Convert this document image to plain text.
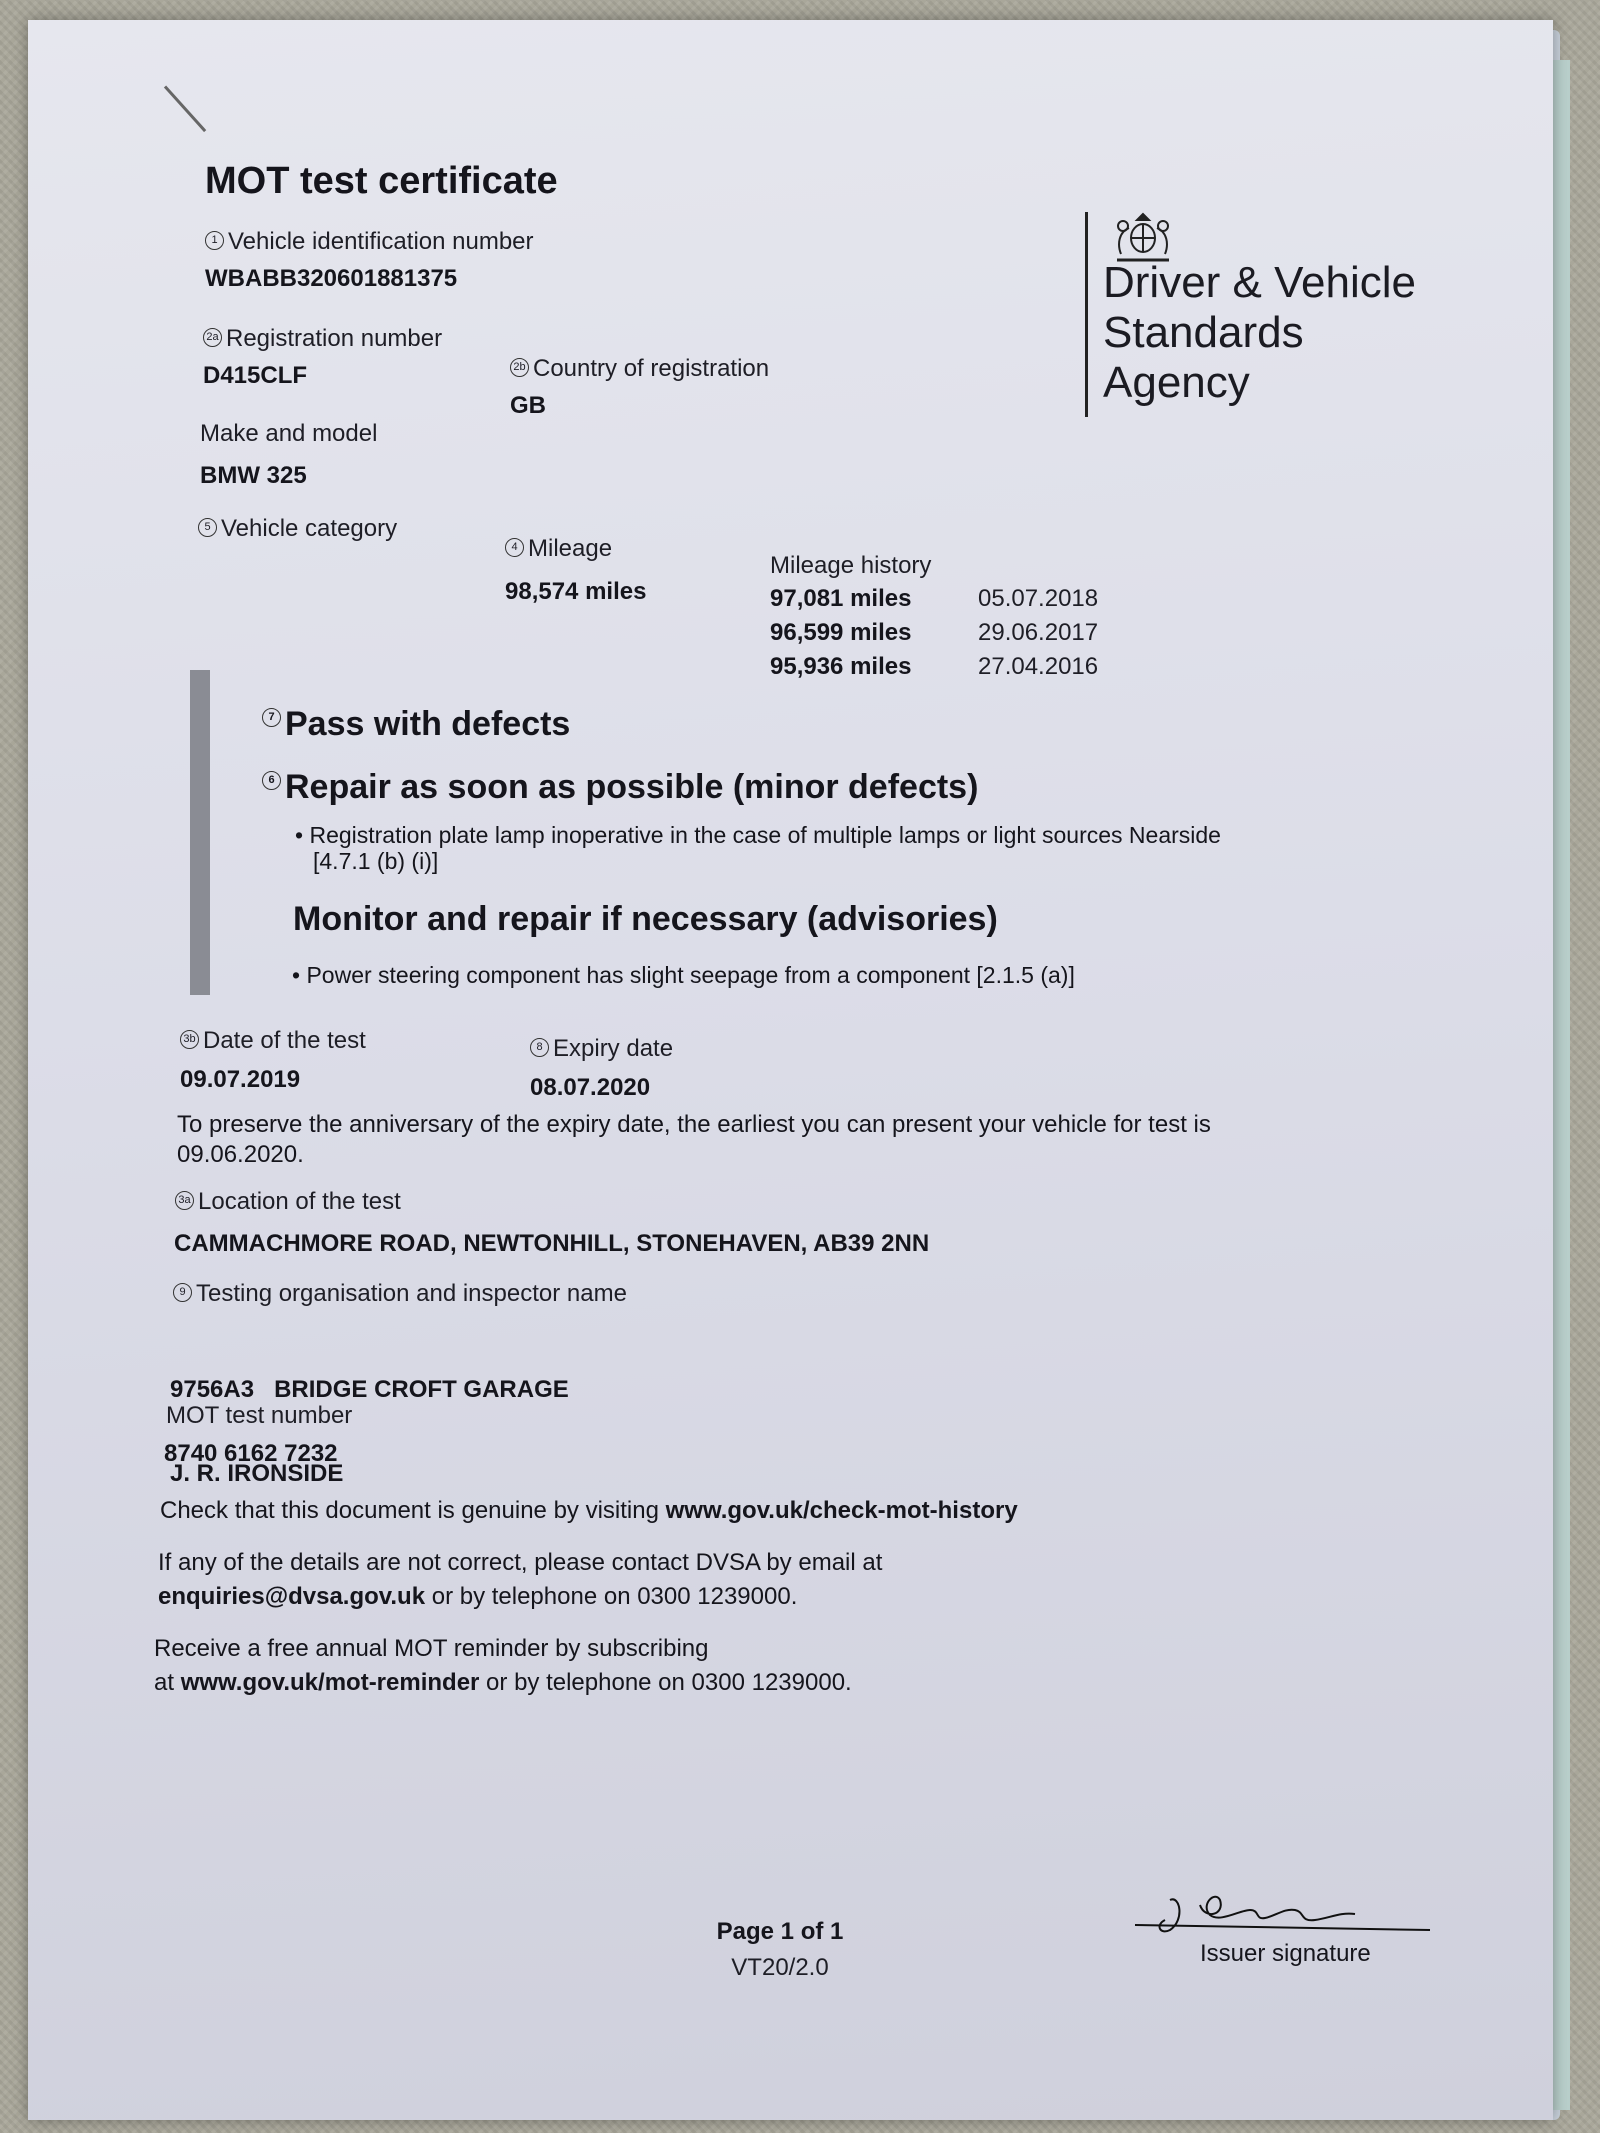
MOT test certificate
1 Vehicle identification number
WBABB320601881375
2a Registration number
D415CLF	2b Country of registration
GB
Make and model
BMW 325
5 Vehicle category
4 Mileage
98,574 miles
Mileage history
97,081 miles	05.07.2018
96,599 miles	29.06.2017
95,936 miles	27.04.2016
Driver & Vehicle
Standards
Agency
7 Pass with defects
6 Repair as soon as possible (minor defects)
• Registration plate lamp inoperative in the case of multiple lamps or light sources Nearside
[4.7.1 (b) (i)]
Monitor and repair if necessary (advisories)
• Power steering component has slight seepage from a component [2.1.5 (a)]
3b Date of the test
09.07.2019
8 Expiry date
08.07.2020
To preserve the anniversary of the expiry date, the earliest you can present your vehicle for test is
09.06.2020.
3a Location of the test
CAMMACHMORE ROAD, NEWTONHILL, STONEHAVEN, AB39 2NN
9 Testing organisation and inspector name

9756A3   BRIDGE CROFT GARAGE

J. R. IRONSIDE

MOT test number
8740 6162 7232
Check that this document is genuine by visiting www.gov.uk/check-mot-history
If any of the details are not correct, please contact DVSA by email at
enquiries@dvsa.gov.uk or by telephone on 0300 1239000.
Receive a free annual MOT reminder by subscribing
at www.gov.uk/mot-reminder or by telephone on 0300 1239000.
Page 1 of 1
VT20/2.0
Issuer signature
